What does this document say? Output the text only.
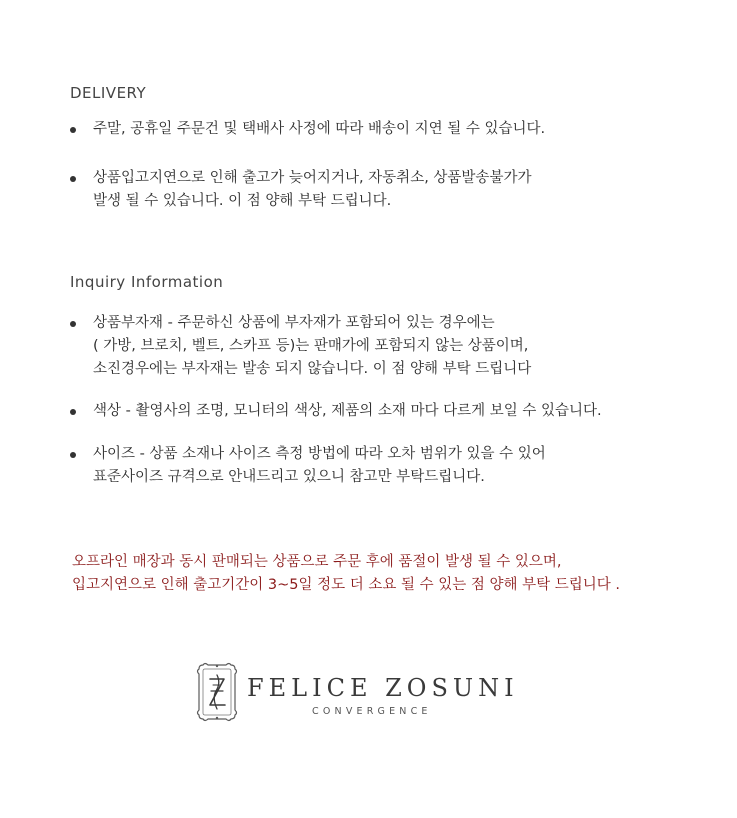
DELIVERY
주말, 공휴일 주문건 및 택배사 사정에 따라 배송이 지연 될 수 있습니다.
상품입고지연으로 인해 출고가 늦어지거나, 자동취소, 상품발송불가가
발생 될 수 있습니다. 이 점 양해 부탁 드립니다.
Inquiry Information
상품부자재 - 주문하신 상품에 부자재가 포함되어 있는 경우에는
( 가방, 브로치, 벨트, 스카프 등)는 판매가에 포함되지 않는 상품이며,
소진경우에는 부자재는 발송 되지 않습니다. 이 점 양해 부탁 드립니다
색상 - 촬영사의 조명, 모니터의 색상, 제품의 소재 마다 다르게 보일 수 있습니다.
사이즈 - 상품 소재나 사이즈 측정 방법에 따라 오차 범위가 있을 수 있어
표준사이즈 규격으로 안내드리고 있으니 참고만 부탁드립니다.
오프라인 매장과 동시 판매되는 상품으로 주문 후에 품절이 발생 될 수 있으며,
입고지연으로 인해 출고기간이 3~5일 정도 더 소요 될 수 있는 점 양해 부탁 드립니다 .
FELICE ZOSUNI
CONVERGENCE
